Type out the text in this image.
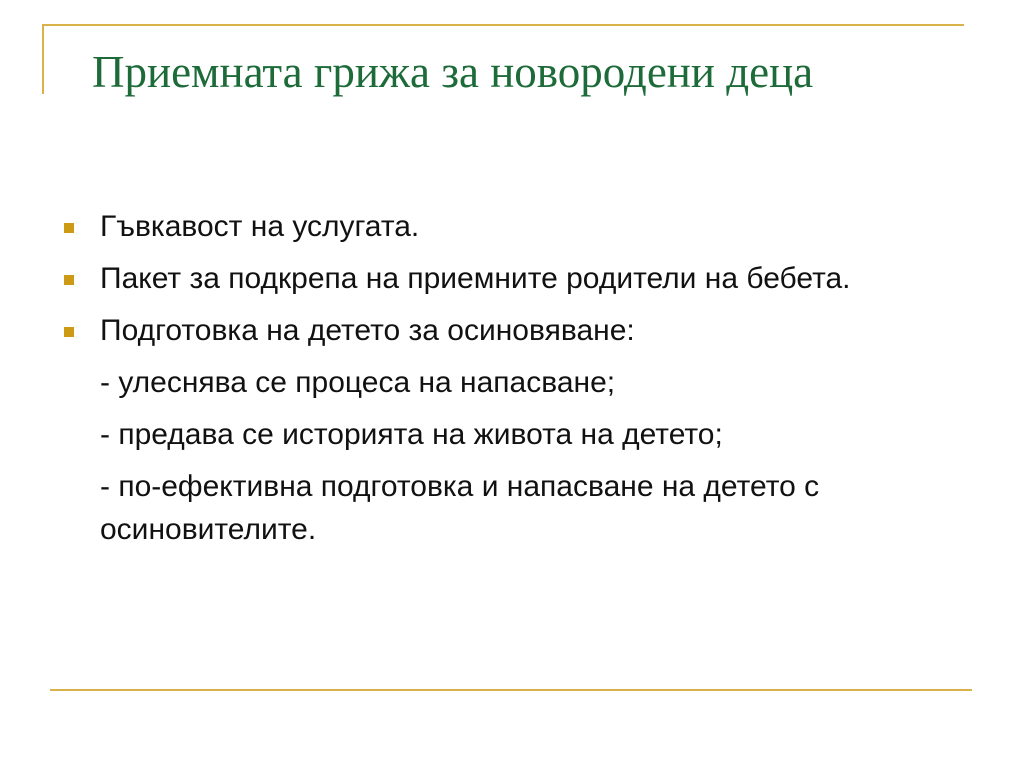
Приемната грижа за новородени деца
Гъвкавост на услугата.
Пакет за подкрепа на приемните родители на бебета.
Подготовка на детето за осиновяване:
- улеснява се процеса на напасване;
- предава се историята на живота на детето;
- по-ефективна подготовка и напасване на детето с осиновителите.
